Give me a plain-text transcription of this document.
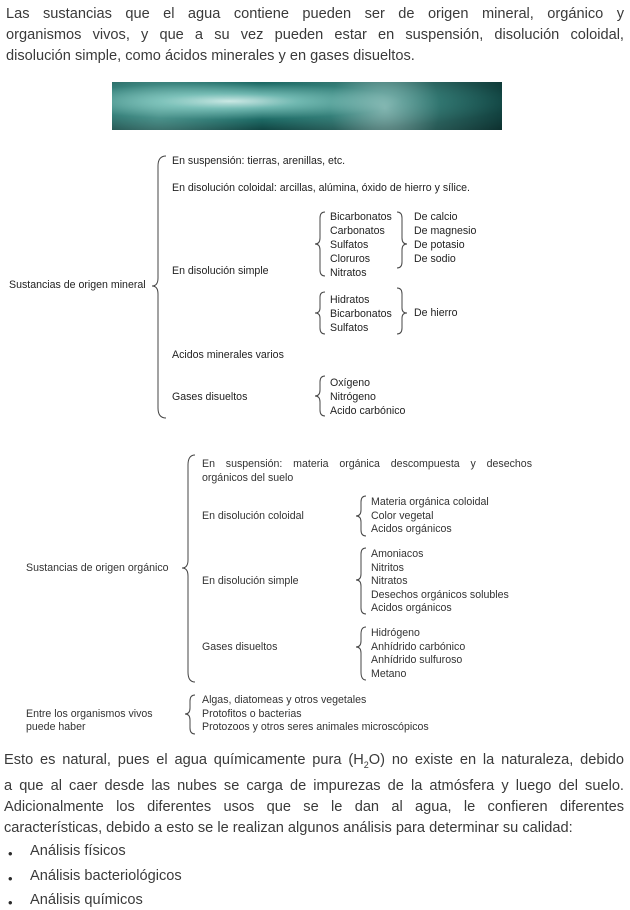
Las sustancias que el agua contiene pueden ser de origen mineral, orgánico y
organismos vivos, y que a su vez pueden estar en suspensión, disolución coloidal,
disolución simple, como ácidos minerales y en gases disueltos.
Sustancias de origen mineral
En suspensión: tierras, arenillas, etc.
En disolución coloidal: arcillas, alúmina, óxido de hierro y sílice.
En disolución simple
Bicarbonatos
Carbonatos
Sulfatos
Cloruros
Nitratos
De calcio
De magnesio
De potasio
De sodio
Hidratos
Bicarbonatos
Sulfatos
De hierro
Acidos minerales varios
Gases disueltos
Oxígeno
Nitrógeno
Acido carbónico
Sustancias de origen orgánico
En suspensión: materia orgánica descompuesta y desechos
orgánicos del suelo
En disolución coloidal
Materia orgánica coloidal
Color vegetal
Acidos orgánicos
En disolución simple
Amoniacos
Nitritos
Nitratos
Desechos orgánicos solubles
Acidos orgánicos
Gases disueltos
Hidrógeno
Anhídrido carbónico
Anhídrido sulfuroso
Metano
Entre los organismos vivos
puede haber
Algas, diatomeas y otros vegetales
Protofitos o bacterias
Protozoos y otros seres animales microscópicos
Esto es natural, pues el agua químicamente pura $(H_2O)$ no existe en la naturaleza, debido
a que al caer desde las nubes se carga de impurezas de la atmósfera y luego del suelo.
Adicionalmente los diferentes usos que se le dan al agua, le confieren diferentes
características, debido a esto se le realizan algunos análisis para determinar su calidad:
• Análisis físicos
• Análisis bacteriológicos
• Análisis químicos
